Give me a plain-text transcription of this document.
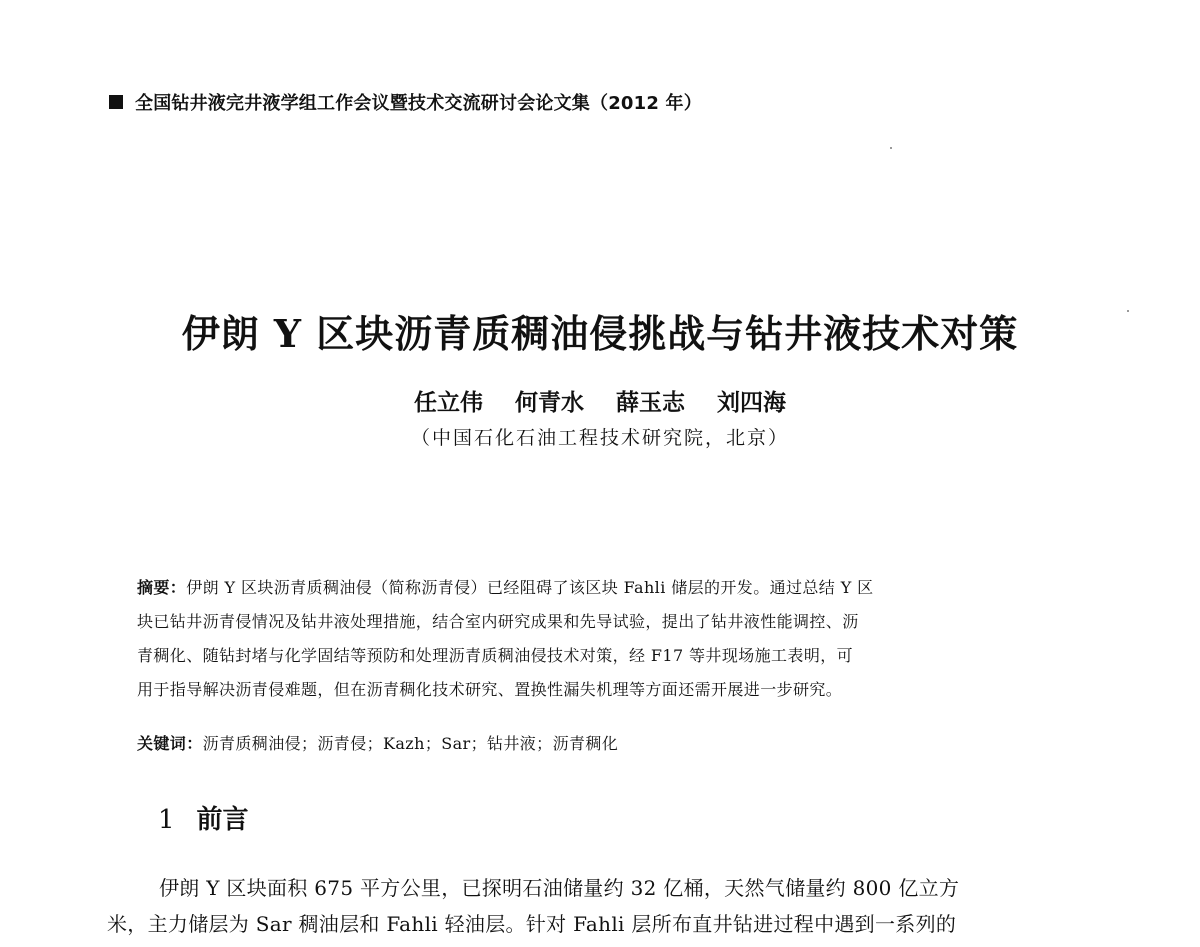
全国钻井液完井液学组工作会议暨技术交流研讨会论文集（2012 年）
伊朗 Y 区块沥青质稠油侵挑战与钻井液技术对策
任立伟 何青水 薛玉志 刘四海
（中国石化石油工程技术研究院，北京）
摘要：伊朗 Y 区块沥青质稠油侵（简称沥青侵）已经阻碍了该区块 Fahli 储层的开发。通过总结 Y 区
块已钻井沥青侵情况及钻井液处理措施，结合室内研究成果和先导试验，提出了钻井液性能调控、沥
青稠化、随钻封堵与化学固结等预防和处理沥青质稠油侵技术对策，经 F17 等井现场施工表明，可
用于指导解决沥青侵难题，但在沥青稠化技术研究、置换性漏失机理等方面还需开展进一步研究。
关键词：沥青质稠油侵；沥青侵；Kazh；Sar；钻井液；沥青稠化
1 前言
伊朗 Y 区块面积 675 平方公里，已探明石油储量约 32 亿桶，天然气储量约 800 亿立方
米，主力储层为 Sar 稠油层和 Fahli 轻油层。针对 Fahli 层所布直井钻进过程中遇到一系列的
